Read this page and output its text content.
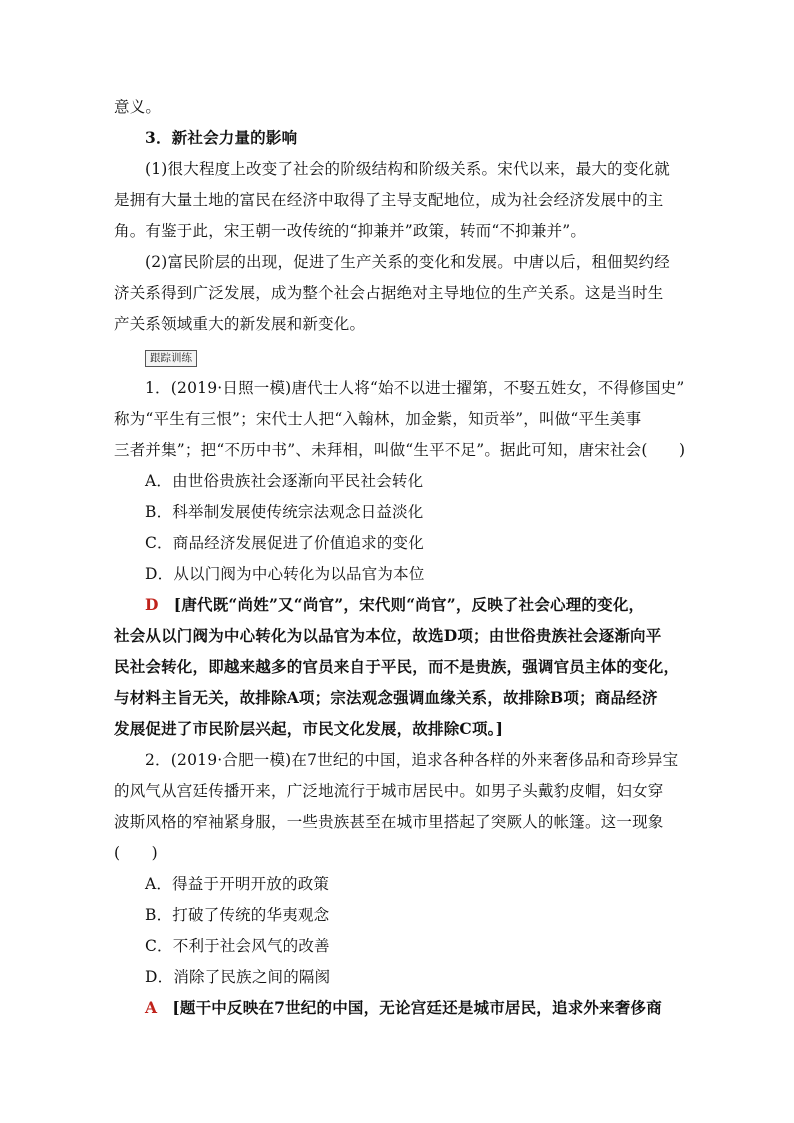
意义。
3．新社会力量的影响
(1)很大程度上改变了社会的阶级结构和阶级关系。宋代以来，最大的变化就
是拥有大量土地的富民在经济中取得了主导支配地位，成为社会经济发展中的主
角。有鉴于此，宋王朝一改传统的“抑兼并”政策，转而“不抑兼并”。
(2)富民阶层的出现，促进了生产关系的变化和发展。中唐以后，租佃契约经
济关系得到广泛发展，成为整个社会占据绝对主导地位的生产关系。这是当时生
产关系领域重大的新发展和新变化。
跟踪训练
1．(2019·日照一模)唐代士人将“始不以进士擢第，不娶五姓女，不得修国史”
称为“平生有三恨”；宋代士人把“入翰林，加金紫，知贡举”，叫做“平生美事
三者并集”；把“不历中书”、未拜相，叫做“生平不足”。据此可知，唐宋社会(　　)
A．由世俗贵族社会逐渐向平民社会转化
B．科举制发展使传统宗法观念日益淡化
C．商品经济发展促进了价值追求的变化
D．从以门阀为中心转化为以品官为本位
D [唐代既“尚姓”又“尚官”，宋代则“尚官”，反映了社会心理的变化，
社会从以门阀为中心转化为以品官为本位，故选D项；由世俗贵族社会逐渐向平
民社会转化，即越来越多的官员来自于平民，而不是贵族，强调官员主体的变化，
与材料主旨无关，故排除A项；宗法观念强调血缘关系，故排除B项；商品经济
发展促进了市民阶层兴起，市民文化发展，故排除C项。]
2．(2019·合肥一模)在7世纪的中国，追求各种各样的外来奢侈品和奇珍异宝
的风气从宫廷传播开来，广泛地流行于城市居民中。如男子头戴豹皮帽，妇女穿
波斯风格的窄袖紧身服，一些贵族甚至在城市里搭起了突厥人的帐篷。这一现象
(　　)
A．得益于开明开放的政策
B．打破了传统的华夷观念
C．不利于社会风气的改善
D．消除了民族之间的隔阂
A [题干中反映在7世纪的中国，无论宫廷还是城市居民，追求外来奢侈商
